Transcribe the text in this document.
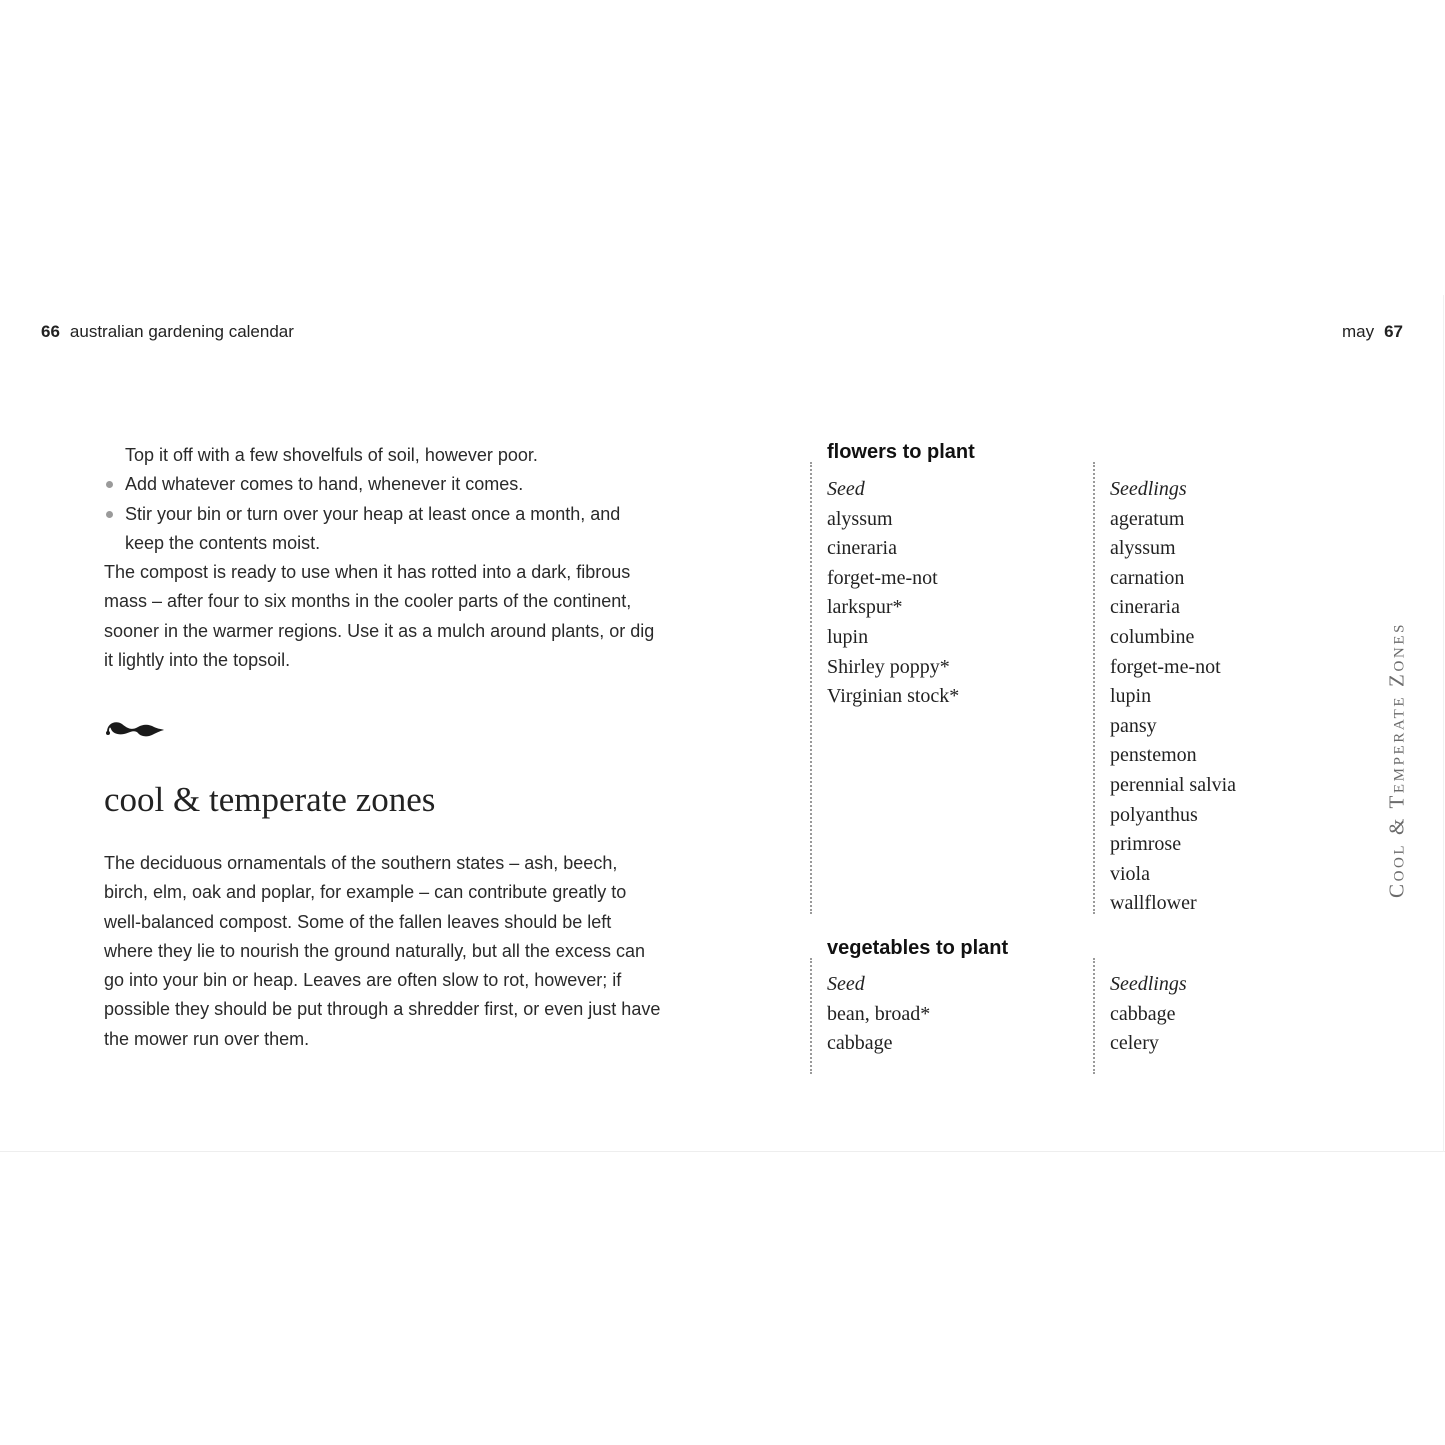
66 australian gardening calendar	may 67

Top it off with a few shovelfuls of soil, however poor.

Add whatever comes to hand, whenever it comes.
Stir your bin or turn over your heap at least once a month, and keep the contents moist.

The compost is ready to use when it has rotted into a dark, fibrous mass – after four to six months in the cooler parts of the continent, sooner in the warmer regions. Use it as a mulch around plants, or dig it lightly into the topsoil.

cool & temperate zones

The deciduous ornamentals of the southern states – ash, beech, birch, elm, oak and poplar, for example – can contribute greatly to well-balanced compost. Some of the fallen leaves should be left where they lie to nourish the ground naturally, but all the excess can go into your bin or heap. Leaves are often slow to rot, however; if possible they should be put through a shredder first, or even just have the mower run over them.

flowers to plant
Seed
alyssum
cineraria
forget-me-not
larkspur*
lupin
Shirley poppy*
Virginian stock*
Seedlings
ageratum
alyssum
carnation
cineraria
columbine
forget-me-not
lupin
pansy
penstemon
perennial salvia
polyanthus
primrose
viola
wallflower
vegetables to plant
Seed
bean, broad*
cabbage
Seedlings
cabbage
celery
Cool & Temperate Zones
